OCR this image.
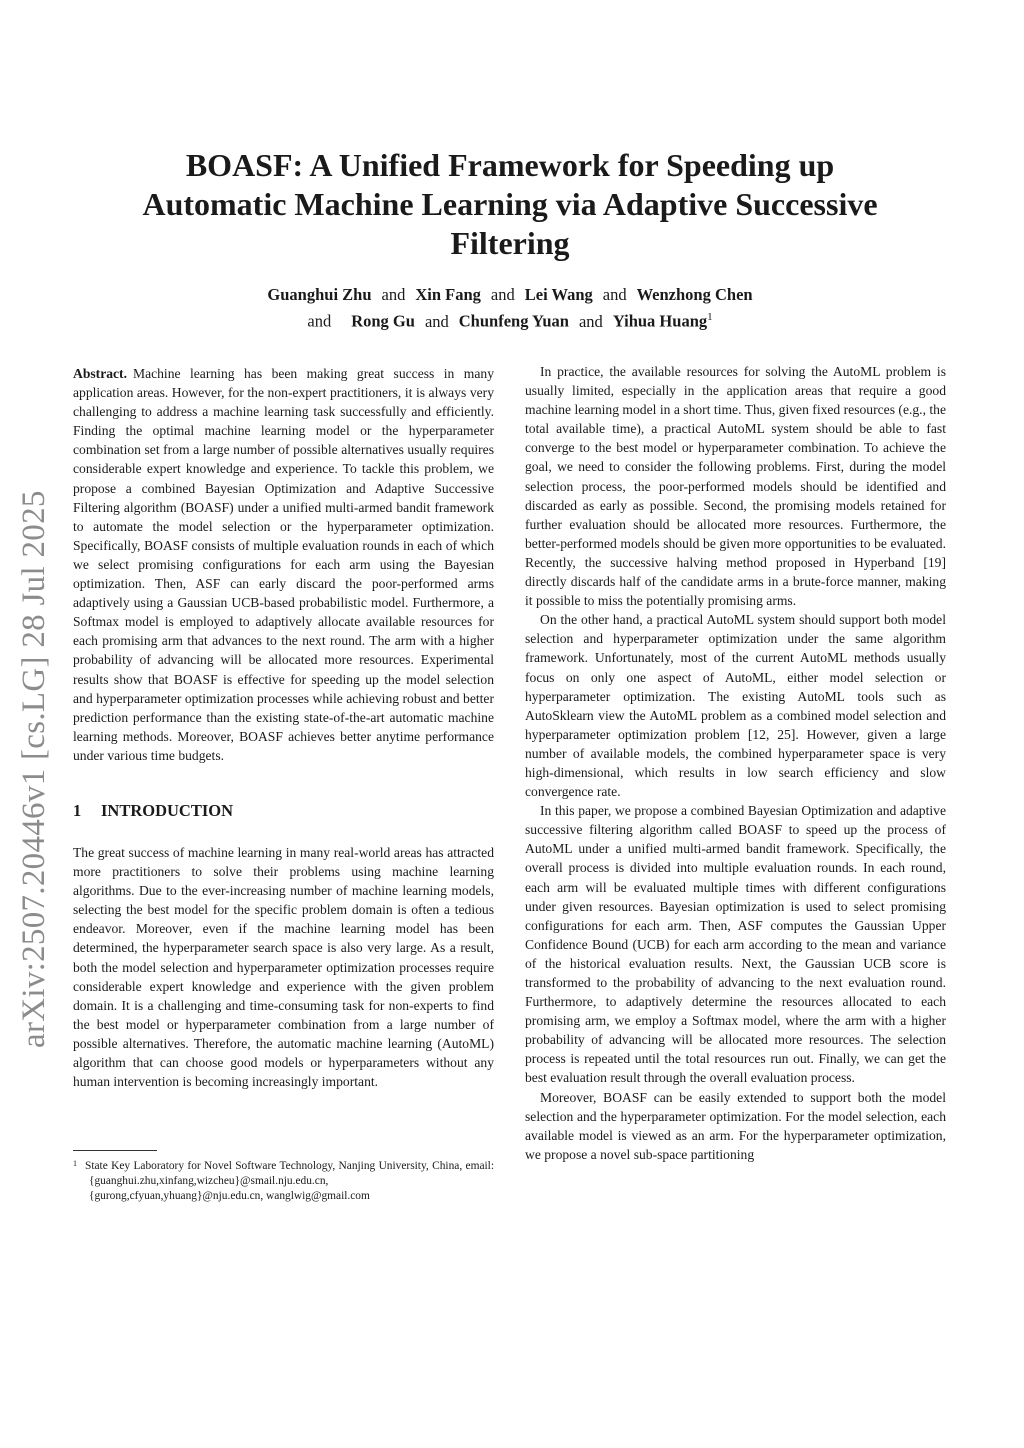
arXiv:2507.20446v1 [cs.LG] 28 Jul 2025
BOASF: A Unified Framework for Speeding up
Automatic Machine Learning via Adaptive Successive
Filtering
Guanghui Zhu and Xin Fang and Lei Wang and Wenzhong Chen
and Rong Gu and Chunfeng Yuan and Yihua Huang$^1$

Abstract. Machine learning has been making great success in many application areas. However, for the non-expert practitioners, it is always very challenging to address a machine learning task successfully and efficiently. Finding the optimal machine learning model or the hyperparameter combination set from a large number of possible alternatives usually requires considerable expert knowledge and experience. To tackle this problem, we propose a combined Bayesian Optimization and Adaptive Successive Filtering algorithm (BOASF) under a unified multi-armed bandit framework to automate the model selection or the hyperparameter optimization. Specifically, BOASF consists of multiple evaluation rounds in each of which we select promising configurations for each arm using the Bayesian optimization. Then, ASF can early discard the poor-performed arms adaptively using a Gaussian UCB-based probabilistic model. Furthermore, a Softmax model is employed to adaptively allocate available resources for each promising arm that advances to the next round. The arm with a higher probability of advancing will be allocated more resources. Experimental results show that BOASF is effective for speeding up the model selection and hyperparameter optimization processes while achieving robust and better prediction performance than the existing state-of-the-art automatic machine learning methods. Moreover, BOASF achieves better anytime performance under various time budgets.

1 INTRODUCTION

The great success of machine learning in many real-world areas has attracted more practitioners to solve their problems using machine learning algorithms. Due to the ever-increasing number of machine learning models, selecting the best model for the specific problem domain is often a tedious endeavor. Moreover, even if the machine learning model has been determined, the hyperparameter search space is also very large. As a result, both the model selection and hyperparameter optimization processes require considerable expert knowledge and experience with the given problem domain. It is a challenging and time-consuming task for non-experts to find the best model or hyperparameter combination from a large number of possible alternatives. Therefore, the automatic machine learning (AutoML) algorithm that can choose good models or hyperparameters without any human intervention is becoming increasingly important.

$^1$ State Key Laboratory for Novel Software Technology, Nanjing University, China, email:{guanghui.zhu,xinfang,wizcheu}@smail.nju.edu.cn, {gurong,cfyuan,yhuang}@nju.edu.cn, wanglwig@gmail.com

In practice, the available resources for solving the AutoML problem is usually limited, especially in the application areas that require a good machine learning model in a short time. Thus, given fixed resources (e.g., the total available time), a practical AutoML system should be able to fast converge to the best model or hyperparameter combination. To achieve the goal, we need to consider the following problems. First, during the model selection process, the poor-performed models should be identified and discarded as early as possible. Second, the promising models retained for further evaluation should be allocated more resources. Furthermore, the better-performed models should be given more opportunities to be evaluated. Recently, the successive halving method proposed in Hyperband [19] directly discards half of the candidate arms in a brute-force manner, making it possible to miss the potentially promising arms.

On the other hand, a practical AutoML system should support both model selection and hyperparameter optimization under the same algorithm framework. Unfortunately, most of the current AutoML methods usually focus on only one aspect of AutoML, either model selection or hyperparameter optimization. The existing AutoML tools such as AutoSklearn view the AutoML problem as a combined model selection and hyperparameter optimization problem [12, 25]. However, given a large number of available models, the combined hyperparameter space is very high-dimensional, which results in low search efficiency and slow convergence rate.

In this paper, we propose a combined Bayesian Optimization and adaptive successive filtering algorithm called BOASF to speed up the process of AutoML under a unified multi-armed bandit framework. Specifically, the overall process is divided into multiple evaluation rounds. In each round, each arm will be evaluated multiple times with different configurations under given resources. Bayesian optimization is used to select promising configurations for each arm. Then, ASF computes the Gaussian Upper Confidence Bound (UCB) for each arm according to the mean and variance of the historical evaluation results. Next, the Gaussian UCB score is transformed to the probability of advancing to the next evaluation round. Furthermore, to adaptively determine the resources allocated to each promising arm, we employ a Softmax model, where the arm with a higher probability of advancing will be allocated more resources. The selection process is repeated until the total resources run out. Finally, we can get the best evaluation result through the overall evaluation process.

Moreover, BOASF can be easily extended to support both the model selection and the hyperparameter optimization. For the model selection, each available model is viewed as an arm. For the hyperparameter optimization, we propose a novel sub-space partitioning
